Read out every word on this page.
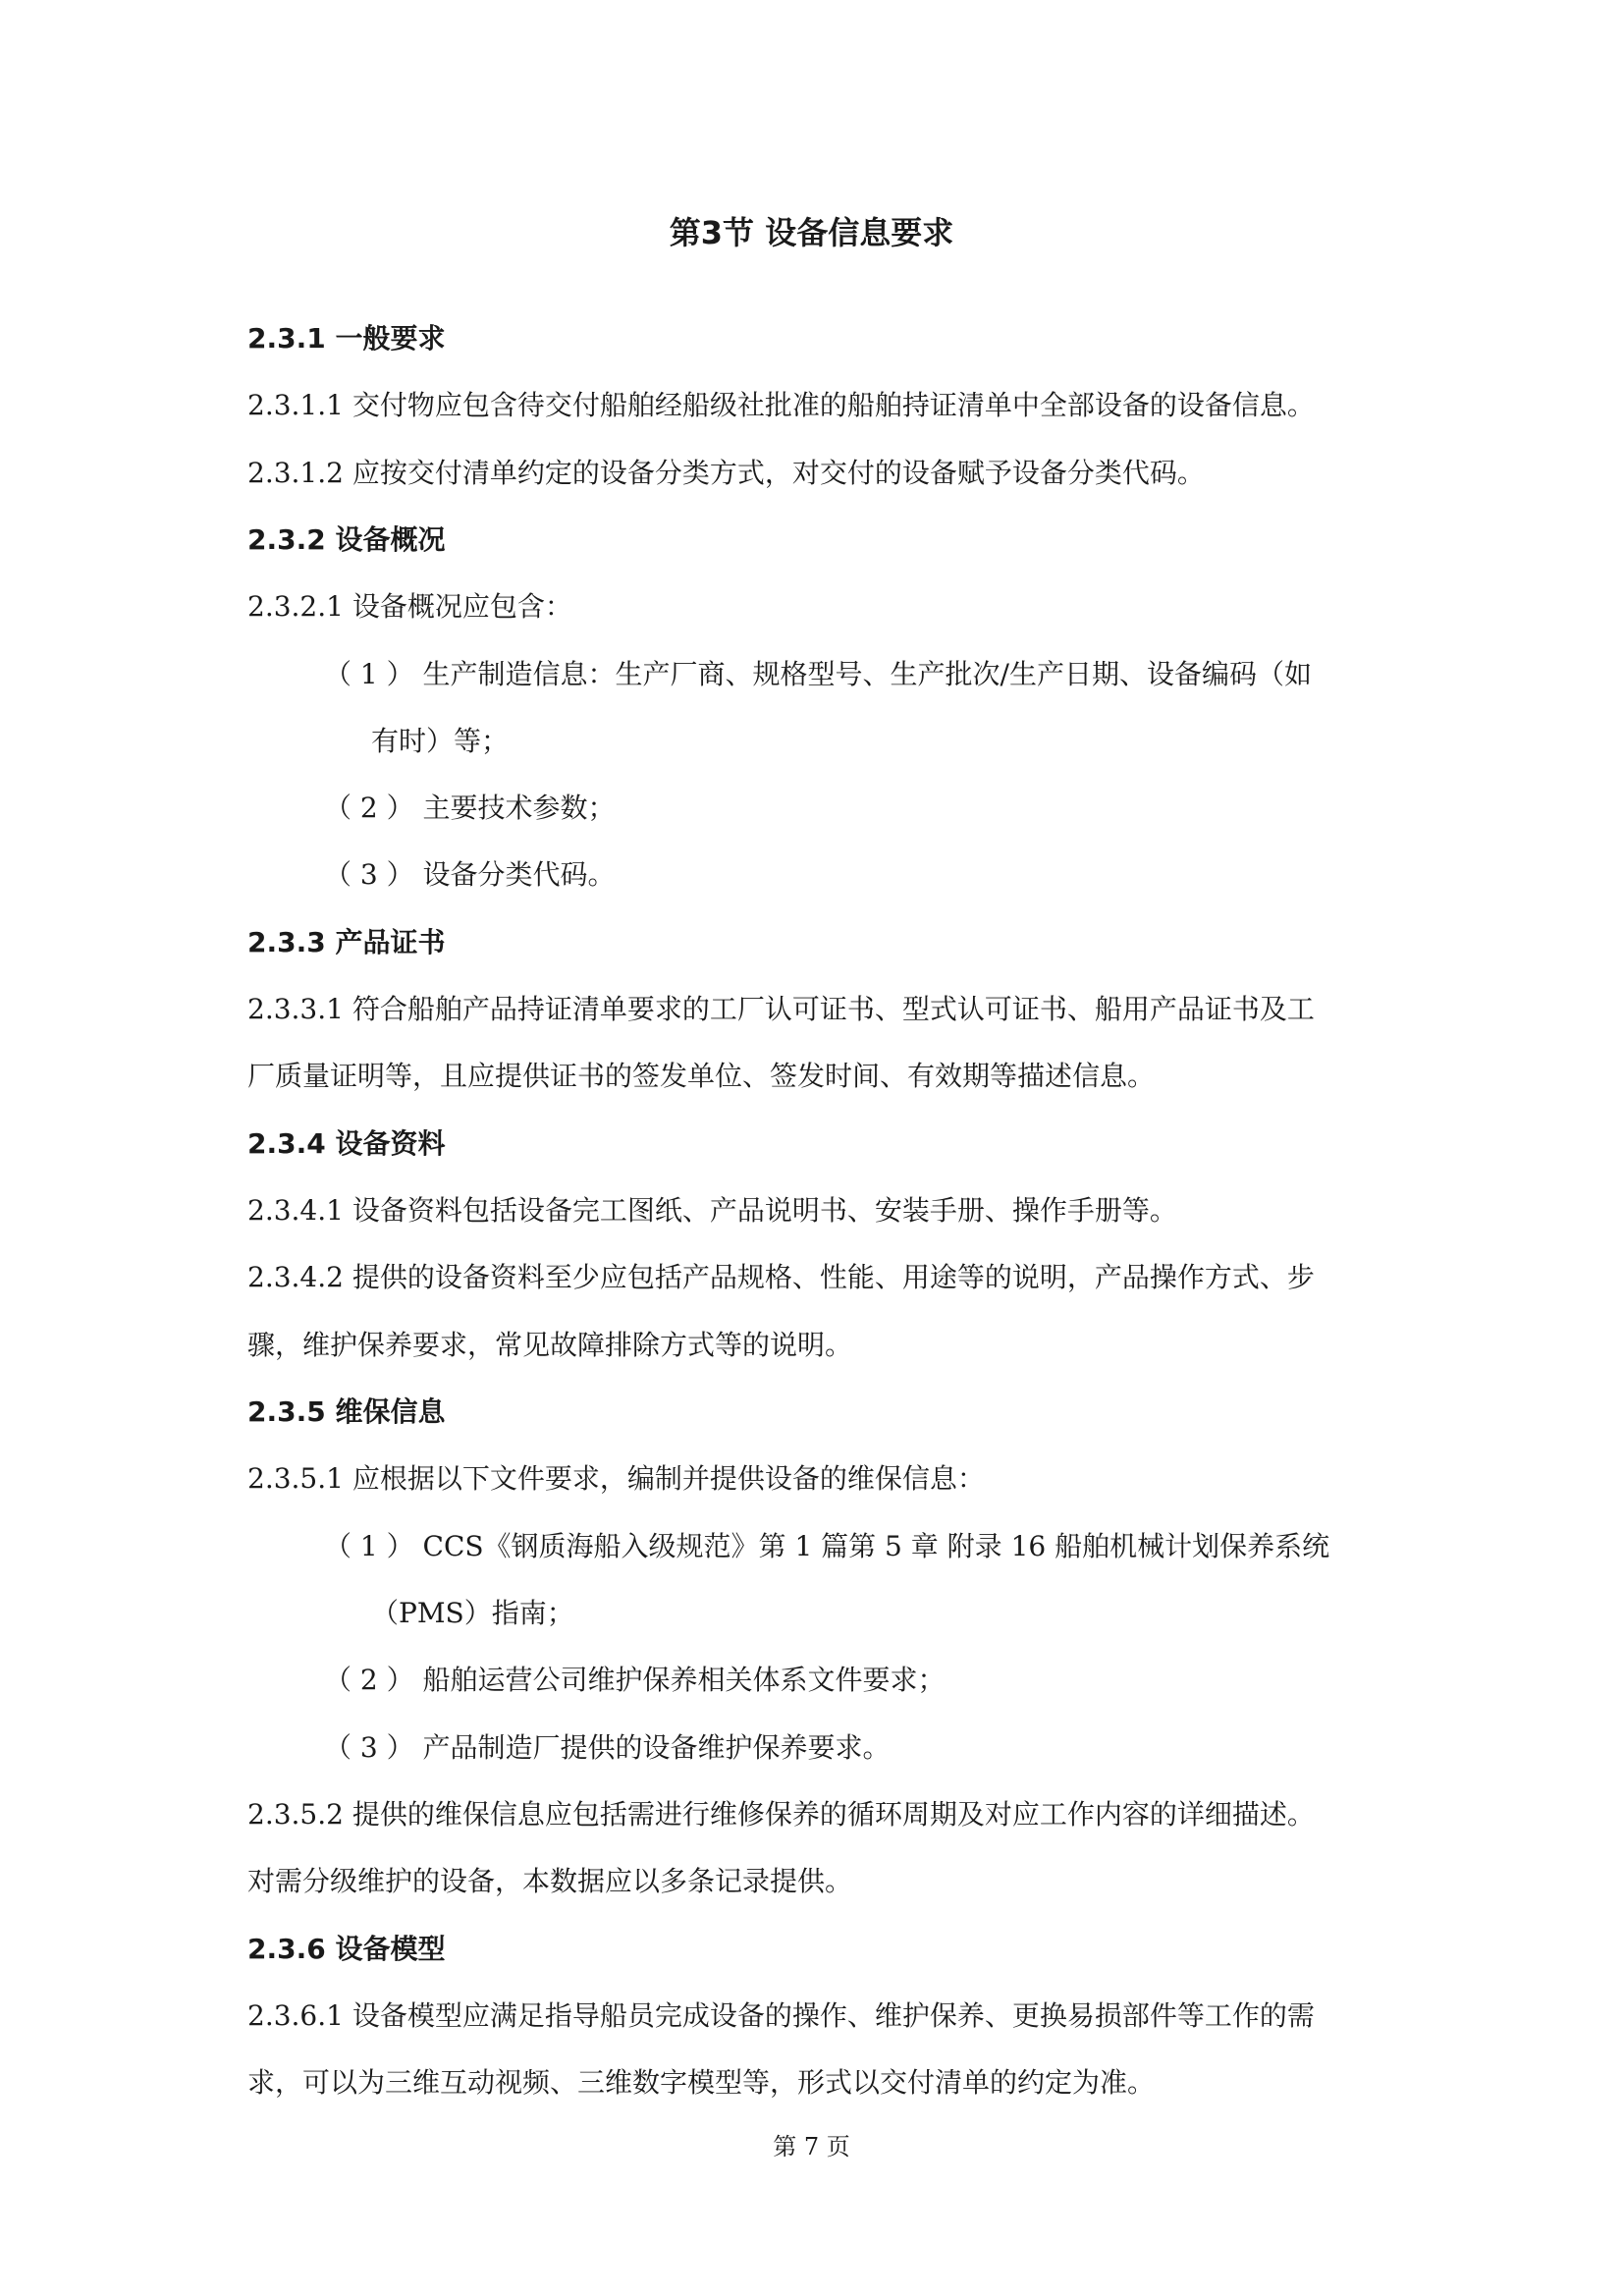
第3节 设备信息要求
2.3.1 一般要求
2.3.1.1 交付物应包含待交付船舶经船级社批准的船舶持证清单中全部设备的设备信息。
2.3.1.2 应按交付清单约定的设备分类方式，对交付的设备赋予设备分类代码。
2.3.2 设备概况
2.3.2.1 设备概况应包含：
（ 1 ） 生产制造信息：生产厂商、规格型号、生产批次/生产日期、设备编码（如
有时）等；
（ 2 ） 主要技术参数；
（ 3 ） 设备分类代码。
2.3.3 产品证书
2.3.3.1 符合船舶产品持证清单要求的工厂认可证书、型式认可证书、船用产品证书及工
厂质量证明等，且应提供证书的签发单位、签发时间、有效期等描述信息。
2.3.4 设备资料
2.3.4.1 设备资料包括设备完工图纸、产品说明书、安装手册、操作手册等。
2.3.4.2 提供的设备资料至少应包括产品规格、性能、用途等的说明，产品操作方式、步
骤，维护保养要求，常见故障排除方式等的说明。
2.3.5 维保信息
2.3.5.1 应根据以下文件要求，编制并提供设备的维保信息：
（ 1 ） CCS《钢质海船入级规范》第 1 篇第 5 章 附录 16 船舶机械计划保养系统
（PMS）指南；
（ 2 ） 船舶运营公司维护保养相关体系文件要求；
（ 3 ） 产品制造厂提供的设备维护保养要求。
2.3.5.2 提供的维保信息应包括需进行维修保养的循环周期及对应工作内容的详细描述。
对需分级维护的设备，本数据应以多条记录提供。
2.3.6 设备模型
2.3.6.1 设备模型应满足指导船员完成设备的操作、维护保养、更换易损部件等工作的需
求，可以为三维互动视频、三维数字模型等，形式以交付清单的约定为准。
第 7 页
